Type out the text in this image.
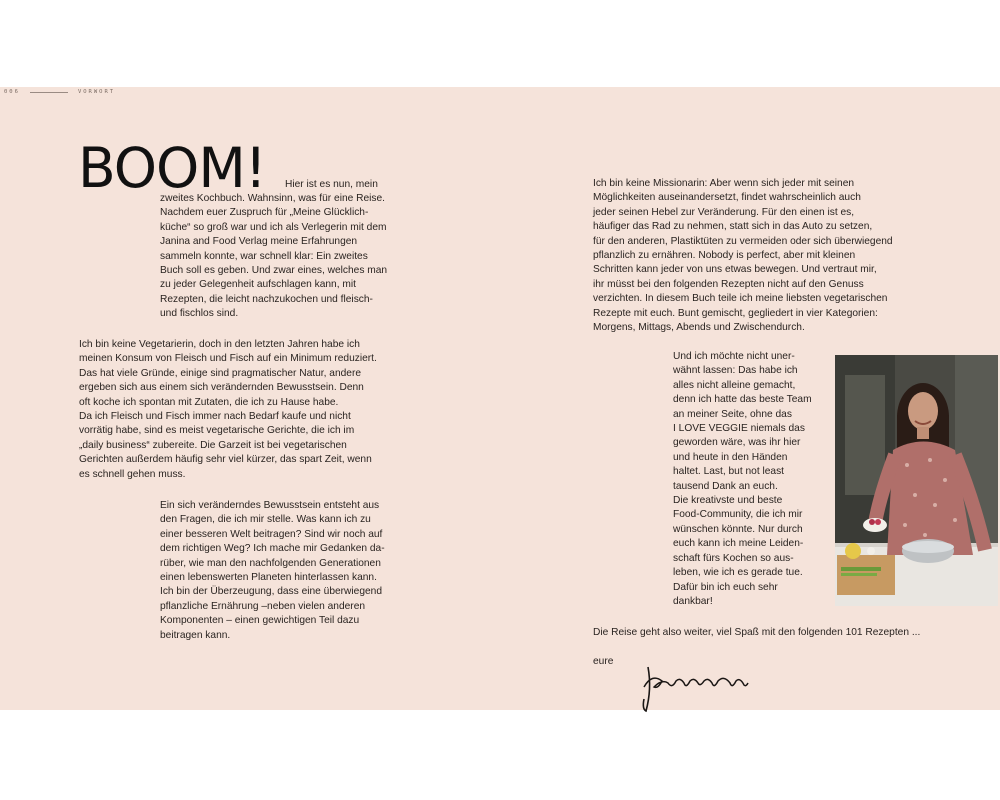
006	VORWORT
BOOM! Hier ist es nun, mein

zweites Kochbuch. Wahnsinn, was für eine Reise.

Nachdem euer Zuspruch für „Meine Glücklich-

küche“ so groß war und ich als Verlegerin mit dem

Janina and Food Verlag meine Erfahrungen

sammeln konnte, war schnell klar: Ein zweites

Buch soll es geben. Und zwar eines, welches man

zu jeder Gelegenheit aufschlagen kann, mit

Rezepten, die leicht nachzukochen und fleisch-

und fischlos sind.

Ich bin keine Vegetarierin, doch in den letzten Jahren habe ich

meinen Konsum von Fleisch und Fisch auf ein Minimum reduziert.

Das hat viele Gründe, einige sind pragmatischer Natur, andere

ergeben sich aus einem sich verändernden Bewusstsein. Denn

oft koche ich spontan mit Zutaten, die ich zu Hause habe.

Da ich Fleisch und Fisch immer nach Bedarf kaufe und nicht

vorrätig habe, sind es meist vegetarische Gerichte, die ich im

„daily business“ zubereite. Die Garzeit ist bei vegetarischen

Gerichten außerdem häufig sehr viel kürzer, das spart Zeit, wenn

es schnell gehen muss.

Ein sich veränderndes Bewusstsein entsteht aus

den Fragen, die ich mir stelle. Was kann ich zu

einer besseren Welt beitragen? Sind wir noch auf

dem richtigen Weg? Ich mache mir Gedanken da-

rüber, wie man den nachfolgenden Generationen

einen lebenswerten Planeten hinterlassen kann.

Ich bin der Überzeugung, dass eine überwiegend

pflanzliche Ernährung –neben vielen anderen

Komponenten – einen gewichtigen Teil dazu

beitragen kann.

Ich bin keine Missionarin: Aber wenn sich jeder mit seinen

Möglichkeiten auseinandersetzt, findet wahrscheinlich auch

jeder seinen Hebel zur Veränderung. Für den einen ist es,

häufiger das Rad zu nehmen, statt sich in das Auto zu setzen,

für den anderen, Plastiktüten zu vermeiden oder sich überwiegend

pflanzlich zu ernähren. Nobody is perfect, aber mit kleinen

Schritten kann jeder von uns etwas bewegen. Und vertraut mir,

ihr müsst bei den folgenden Rezepten nicht auf den Genuss

verzichten. In diesem Buch teile ich meine liebsten vegetarischen

Rezepte mit euch. Bunt gemischt, gegliedert in vier Kategorien:

Morgens, Mittags, Abends und Zwischendurch.

Und ich möchte nicht uner-

wähnt lassen: Das habe ich

alles nicht alleine gemacht,

denn ich hatte das beste Team

an meiner Seite, ohne das

I LOVE VEGGIE niemals das

geworden wäre, was ihr hier

und heute in den Händen

haltet. Last, but not least

tausend Dank an euch.

Die kreativste und beste

Food-Community, die ich mir

wünschen könnte. Nur durch

euch kann ich meine Leiden-

schaft fürs Kochen so aus-

leben, wie ich es gerade tue.

Dafür bin ich euch sehr

dankbar!

Die Reise geht also weiter, viel Spaß mit den folgenden 101 Rezepten ...

eure
